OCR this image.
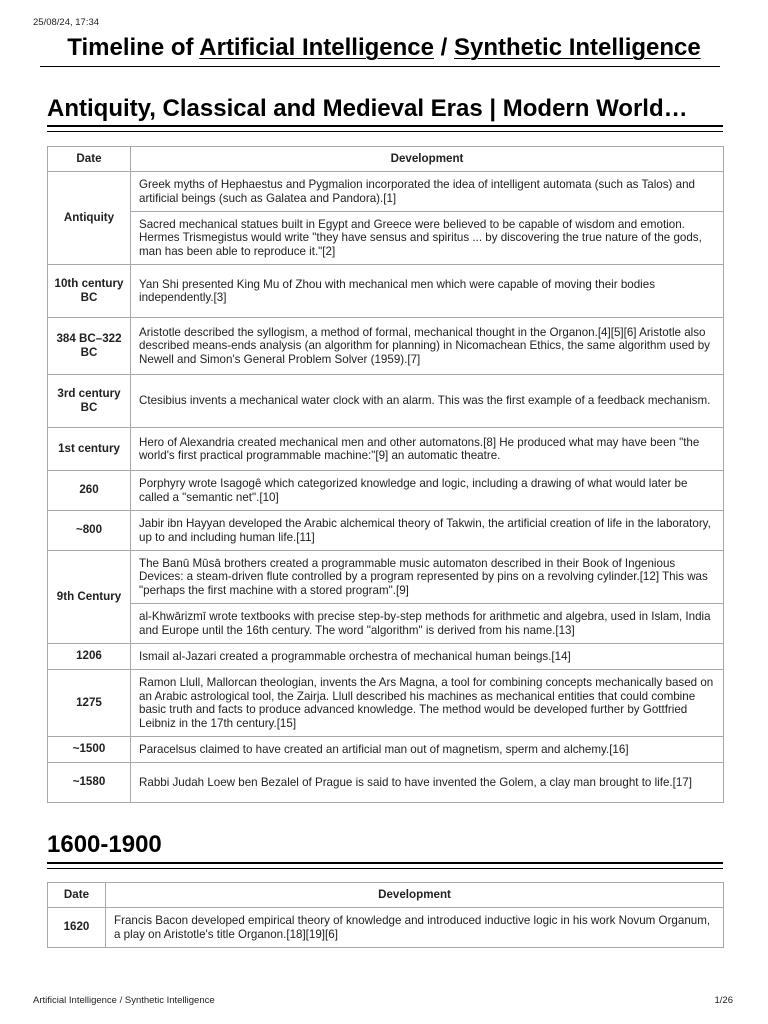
25/08/24, 17:34
Timeline of Artificial Intelligence / Synthetic Intelligence
Antiquity, Classical and Medieval Eras | Modern World…
Date	Development
Antiquity	Greek myths of Hephaestus and Pygmalion incorporated the idea of intelligent automata (such as Talos) and artificial beings (such as Galatea and Pandora).[1]
	Sacred mechanical statues built in Egypt and Greece were believed to be capable of wisdom and emotion. Hermes Trismegistus would write "they have sensus and spiritus ... by discovering the true nature of the gods, man has been able to reproduce it."[2]
10th century BC	Yan Shi presented King Mu of Zhou with mechanical men which were capable of moving their bodies independently.[3]
384 BC–322 BC	Aristotle described the syllogism, a method of formal, mechanical thought in the Organon.[4][5][6] Aristotle also described means-ends analysis (an algorithm for planning) in Nicomachean Ethics, the same algorithm used by Newell and Simon's General Problem Solver (1959).[7]
3rd century BC	Ctesibius invents a mechanical water clock with an alarm. This was the first example of a feedback mechanism.
1st century	Hero of Alexandria created mechanical men and other automatons.[8] He produced what may have been "the world's first practical programmable machine:"[9] an automatic theatre.
260	Porphyry wrote Isagogê which categorized knowledge and logic, including a drawing of what would later be called a "semantic net".[10]
~800	Jabir ibn Hayyan developed the Arabic alchemical theory of Takwin, the artificial creation of life in the laboratory, up to and including human life.[11]
9th Century	The Banū Mūsā brothers created a programmable music automaton described in their Book of Ingenious Devices: a steam-driven flute controlled by a program represented by pins on a revolving cylinder.[12] This was "perhaps the first machine with a stored program".[9]
	al-Khwārizmī wrote textbooks with precise step-by-step methods for arithmetic and algebra, used in Islam, India and Europe until the 16th century. The word "algorithm" is derived from his name.[13]
1206	Ismail al-Jazari created a programmable orchestra of mechanical human beings.[14]
1275	Ramon Llull, Mallorcan theologian, invents the Ars Magna, a tool for combining concepts mechanically based on an Arabic astrological tool, the Zairja. Llull described his machines as mechanical entities that could combine basic truth and facts to produce advanced knowledge. The method would be developed further by Gottfried Leibniz in the 17th century.[15]
~1500	Paracelsus claimed to have created an artificial man out of magnetism, sperm and alchemy.[16]
~1580	Rabbi Judah Loew ben Bezalel of Prague is said to have invented the Golem, a clay man brought to life.[17]
1600-1900
Date	Development
1620	Francis Bacon developed empirical theory of knowledge and introduced inductive logic in his work Novum Organum, a play on Aristotle's title Organon.[18][19][6]
Artificial Intelligence / Synthetic Intelligence	1/26
